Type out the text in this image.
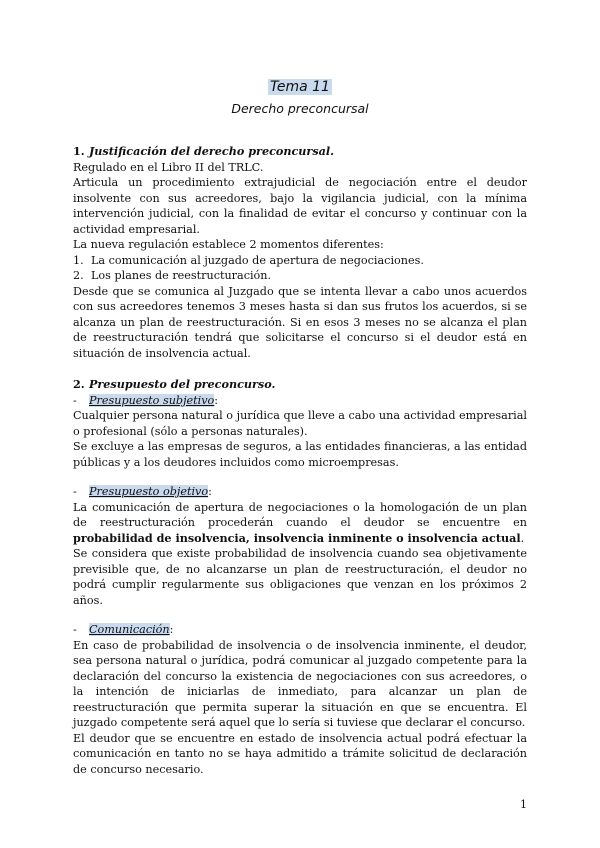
Tema 11
Derecho preconcursal

1. Justificación del derecho preconcursal.

Regulado en el Libro II del TRLC.

Articula un procedimiento extrajudicial de negociación entre el deudor insolvente con sus acreedores, bajo la vigilancia judicial, con la mínima intervención judicial, con la finalidad de evitar el concurso y continuar con la actividad empresarial.

La nueva regulación establece 2 momentos diferentes:

1. La comunicación al juzgado de apertura de negociaciones.

2. Los planes de reestructuración.

Desde que se comunica al Juzgado que se intenta llevar a cabo unos acuerdos con sus acreedores tenemos 3 meses hasta si dan sus frutos los acuerdos, si se alcanza un plan de reestructuración. Si en esos 3 meses no se alcanza el plan de reestructuración tendrá que solicitarse el concurso si el deudor está en situación de insolvencia actual.

2. Presupuesto del preconcurso.

- Presupuesto subjetivo:

Cualquier persona natural o jurídica que lleve a cabo una actividad empresarial o profesional (sólo a personas naturales).

Se excluye a las empresas de seguros, a las entidades financieras, a las entidad públicas y a los deudores incluidos como microempresas.

- Presupuesto objetivo:

La comunicación de apertura de negociaciones o la homologación de un plan de reestructuración procederán cuando el deudor se encuentre en probabilidad de insolvencia, insolvencia inminente o insolvencia actual.

Se considera que existe probabilidad de insolvencia cuando sea objetivamente previsible que, de no alcanzarse un plan de reestructuración, el deudor no podrá cumplir regularmente sus obligaciones que venzan en los próximos 2 años.

- Comunicación:

En caso de probabilidad de insolvencia o de insolvencia inminente, el deudor, sea persona natural o jurídica, podrá comunicar al juzgado competente para la declaración del concurso la existencia de negociaciones con sus acreedores, o la intención de iniciarlas de inmediato, para alcanzar un plan de reestructuración que permita superar la situación en que se encuentra. El juzgado competente será aquel que lo sería si tuviese que declarar el concurso.

El deudor que se encuentre en estado de insolvencia actual podrá efectuar la comunicación en tanto no se haya admitido a trámite solicitud de declaración de concurso necesario.

1
